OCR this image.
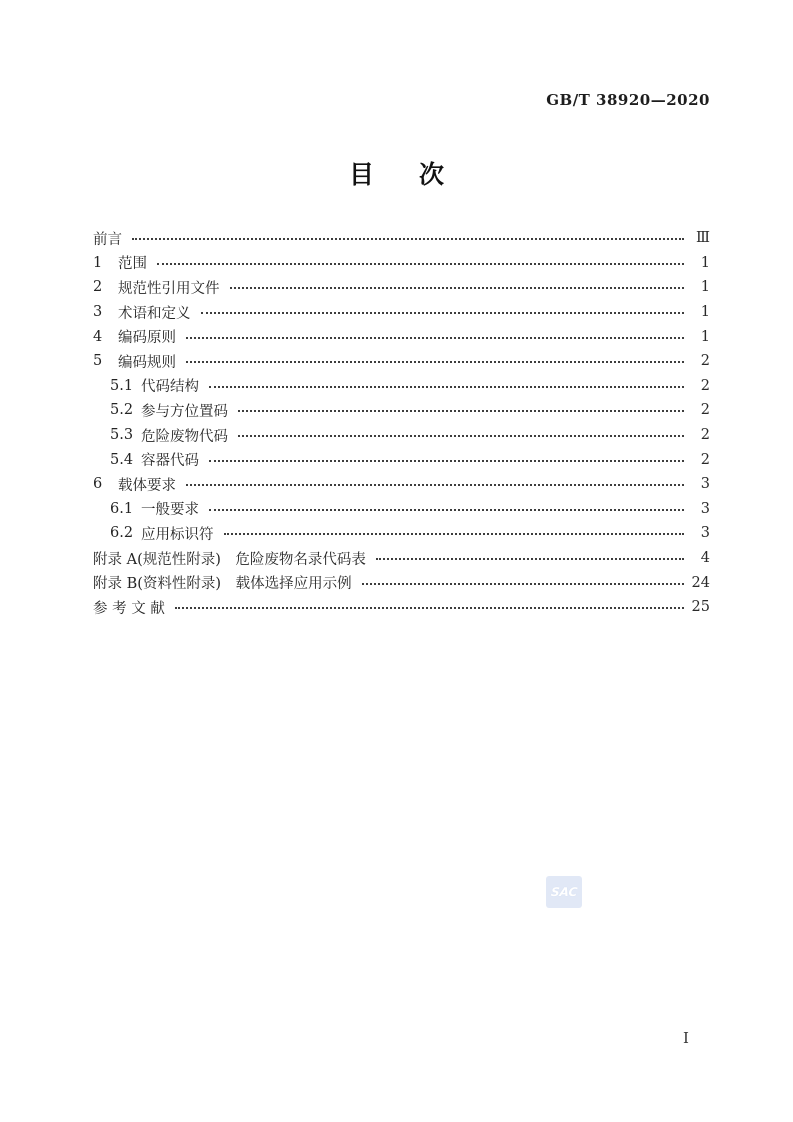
GB/T 38920—2020
目次
前言	Ⅲ
1	范围	1
2	规范性引用文件	1
3	术语和定义	1
4	编码原则	1
5	编码规则	2
5.1 代码结构	2
5.2 参与方位置码	2
5.3 危险废物代码	2
5.4 容器代码	2
6	载体要求	3
6.1 一般要求	3
6.2 应用标识符	3
附录 A(规范性附录)　危险废物名录代码表	4
附录 B(资料性附录)　载体选择应用示例	24
参 考 文 献	25
SAC
Ⅰ
